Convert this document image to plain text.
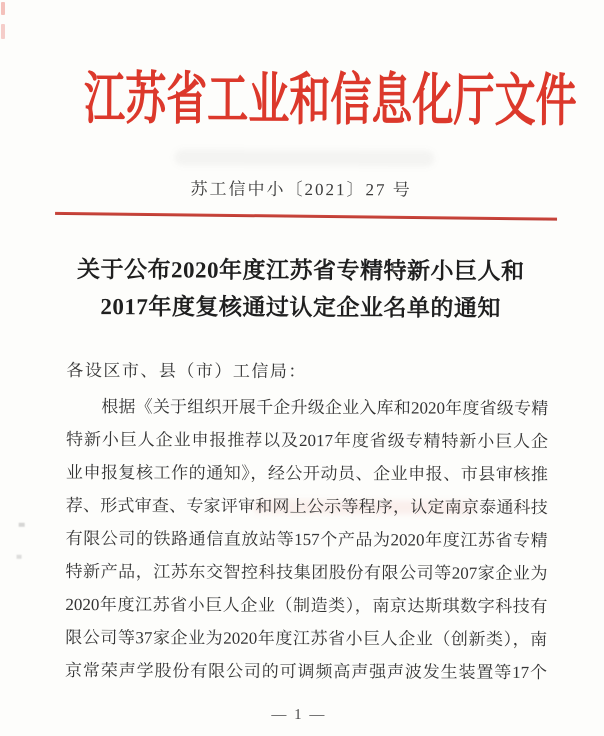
江苏省工业和信息化厅文件
苏工信中小〔2021〕27 号
关于公布2020年度江苏省专精特新小巨人和
2017年度复核通过认定企业名单的通知
各设区市、县（市）工信局：
根据《关于组织开展千企升级企业入库和2020年度省级专精
特新小巨人企业申报推荐以及2017年度省级专精特新小巨人企
业申报复核工作的通知》，经公开动员、企业申报、市县审核推
荐、形式审查、专家评审和网上公示等程序，认定南京泰通科技
有限公司的铁路通信直放站等157个产品为2020年度江苏省专精
特新产品，江苏东交智控科技集团股份有限公司等207家企业为
2020年度江苏省小巨人企业（制造类），南京达斯琪数字科技有
限公司等37家企业为2020年度江苏省小巨人企业（创新类），南
京常荣声学股份有限公司的可调频高声强声波发生装置等17个
— 1 —
